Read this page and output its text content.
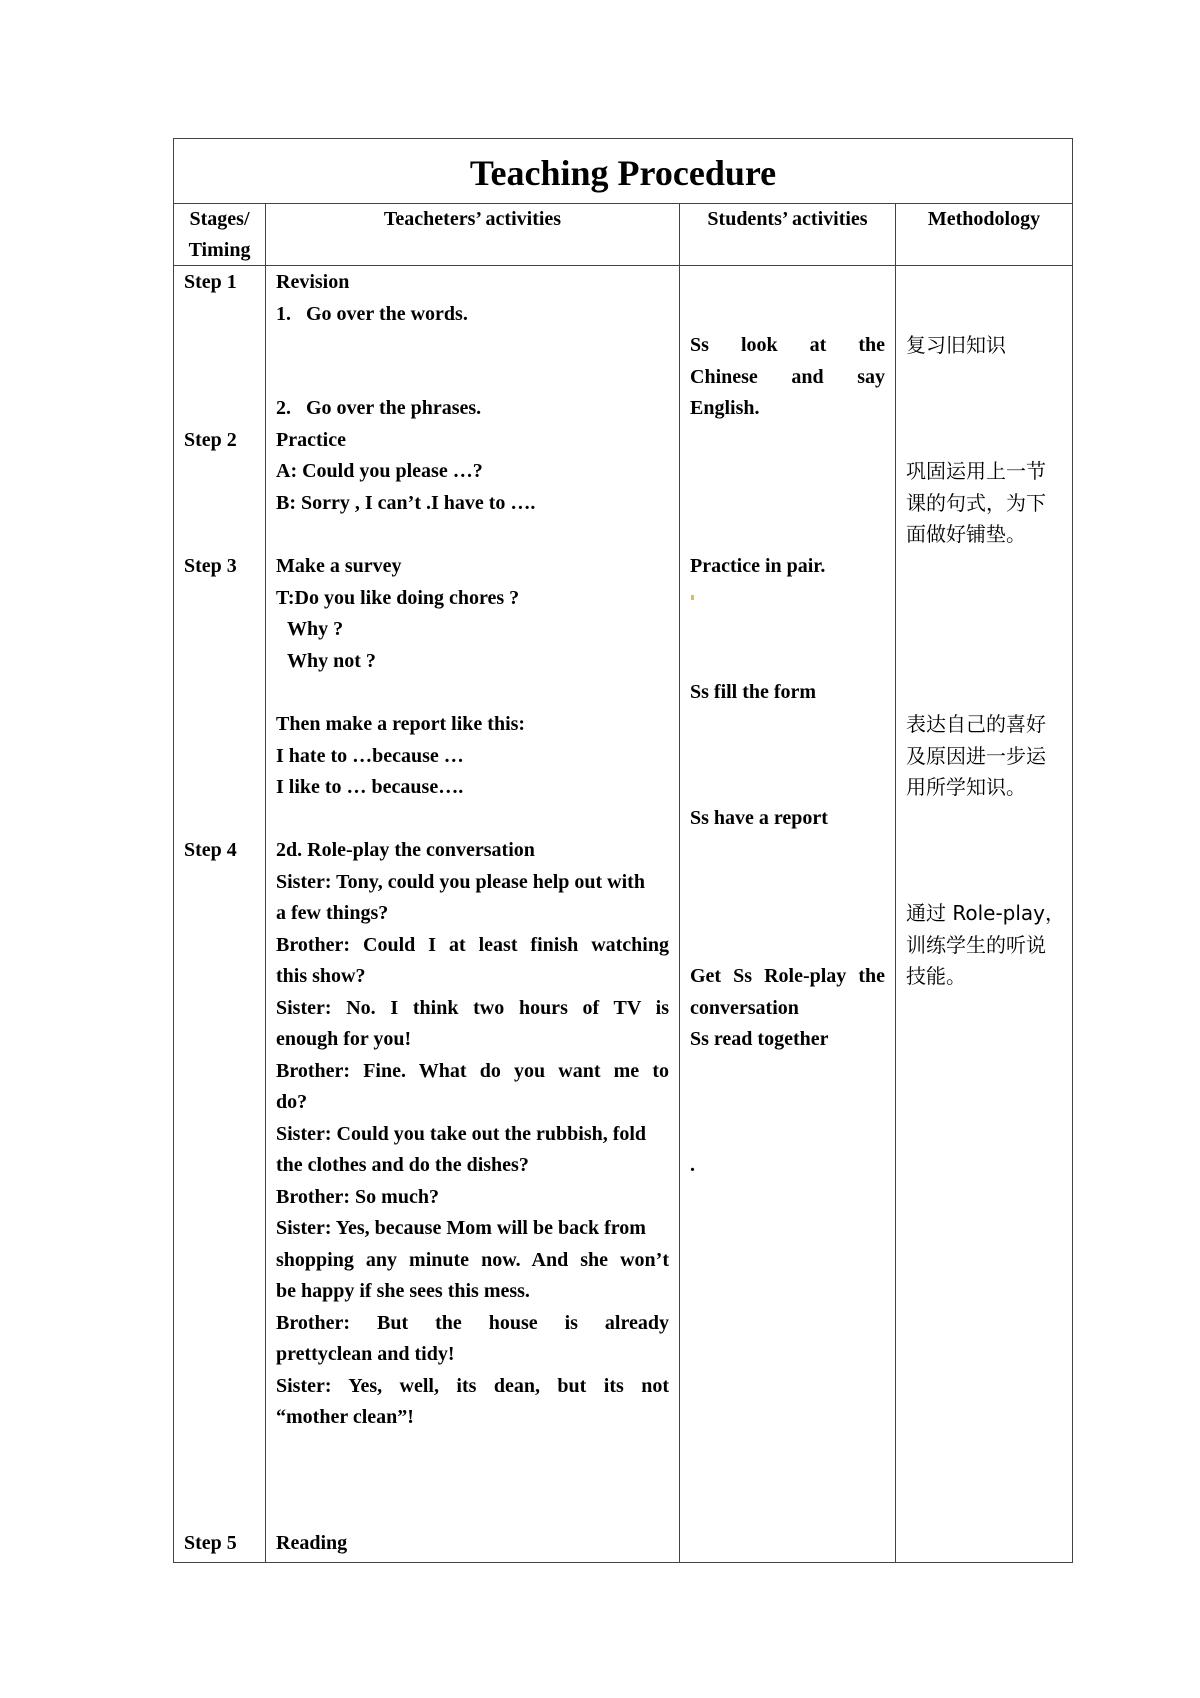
Teaching Procedure
Stages/
Timing
Teacheters’ activities	Students’ activities	Methodology
Step 1
Step 2
Step 3
Step 4
Step 5
Revision
1.   Go over the words.
2.   Go over the phrases.
Practice
A: Could you please …?
B: Sorry , I can’t .I have to ….
Make a survey
T:Do you like doing chores ?
Why ?
Why not ?
Then make a report like this:
I hate to …because …
I like to … because….
2d. Role-play the conversation
Sister: Tony, could you please help out with
a few things?
Brother: Could I at least finish watching
this show?
Sister: No. I think two hours of TV is
enough for you!
Brother: Fine. What do you want me to
do?
Sister: Could you take out the rubbish, fold
the clothes and do the dishes?
Brother: So much?
Sister: Yes, because Mom will be back from
shopping any minute now. And she won’t
be happy if she sees this mess.
Brother: But the house is already
prettyclean and tidy!
Sister: Yes, well, its dean, but its not
“mother clean”!
Reading
Ss look at the
Chinese and say
English.
Practice in pair.
Ss fill the form
Ss have a report
Get Ss Role-play the
conversation
Ss read together
.
复习旧知识
巩固运用上一节
课的句式，为下
面做好铺垫。
表达自己的喜好
及原因进一步运
用所学知识。
通过 Role-play，
训练学生的听说
技能。
